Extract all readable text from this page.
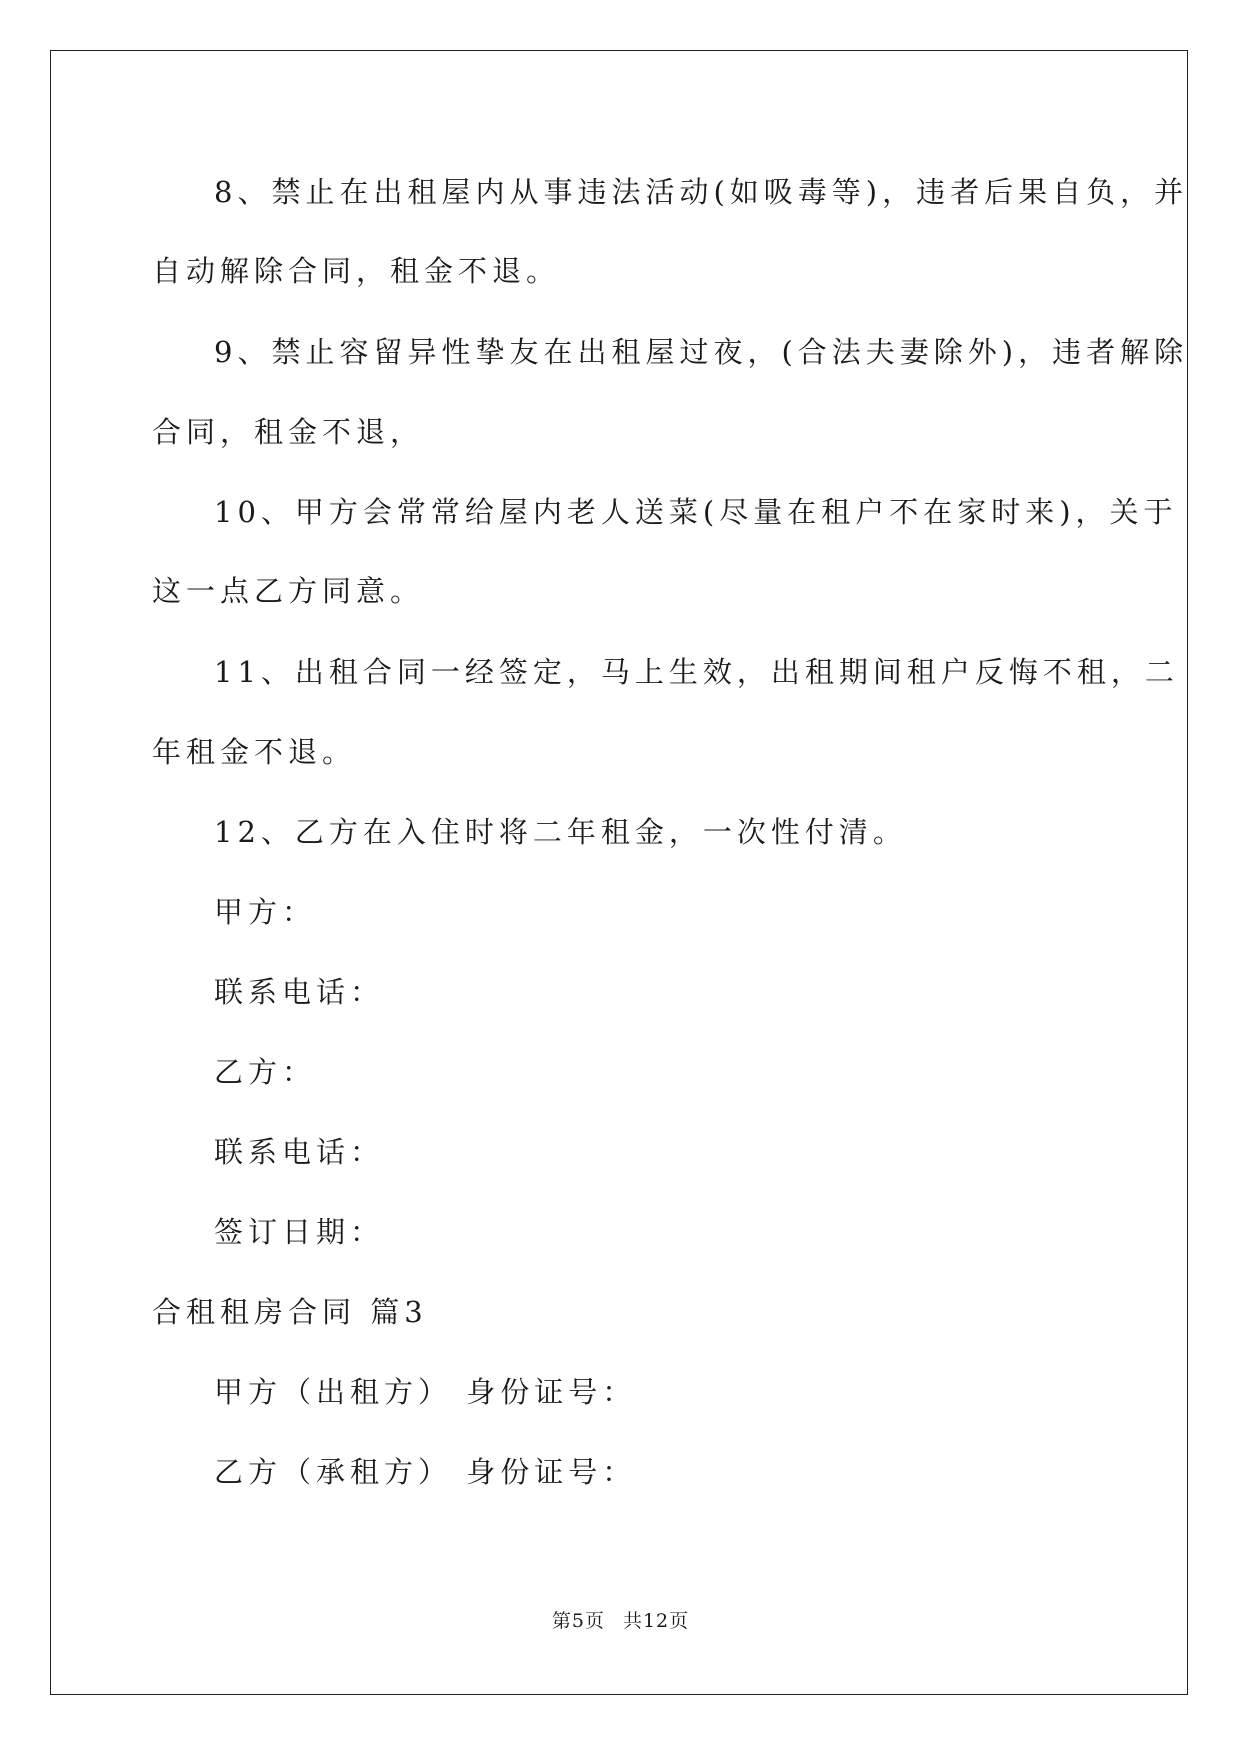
8、禁止在出租屋内从事违法活动(如吸毒等)，违者后果自负，并
自动解除合同，租金不退。
9、禁止容留异性挚友在出租屋过夜，(合法夫妻除外)，违者解除
合同，租金不退，
10、甲方会常常给屋内老人送菜(尽量在租户不在家时来)，关于
这一点乙方同意。
11、出租合同一经签定，马上生效，出租期间租户反悔不租，二
年租金不退。
12、乙方在入住时将二年租金，一次性付清。
甲方：
联系电话：
乙方：
联系电话：
签订日期：
合租租房合同 篇3
甲方（出租方） 身份证号：
乙方（承租方） 身份证号：
第5页 共12页
